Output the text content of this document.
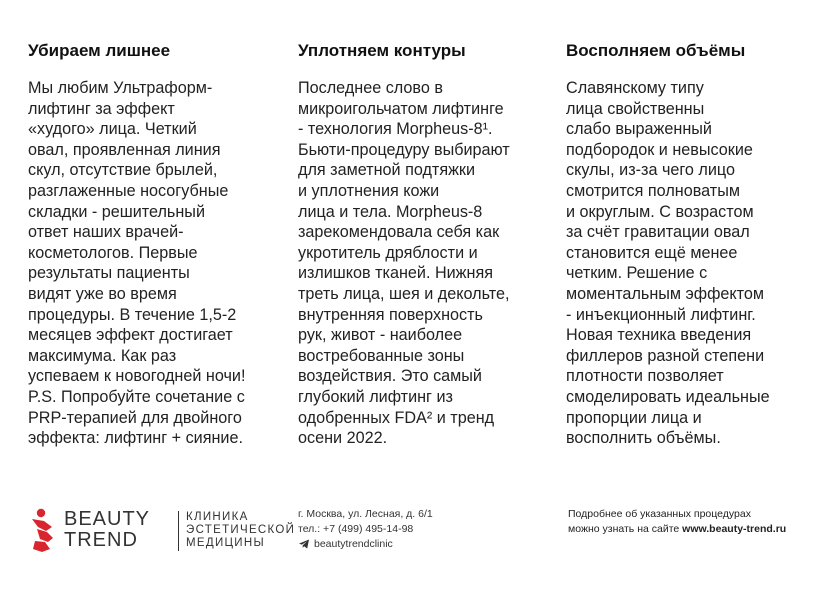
Убираем лишнее

Мы любим Ультраформ-
лифтинг за эффект
«худого» лица. Четкий
овал, проявленная линия
скул, отсутствие брылей,
разглаженные носогубные
складки - решительный
ответ наших врачей-
косметологов. Первые
результаты пациенты
видят уже во время
процедуры. В течение 1,5-2
месяцев эффект достигает
максимума. Как раз
успеваем к новогодней ночи!
P.S. Попробуйте сочетание с
PRP-терапией для двойного
эффекта: лифтинг + сияние.

Уплотняем контуры

Последнее слово в
микроигольчатом лифтинге
- технология Morpheus-8¹.
Бьюти-процедуру выбирают
для заметной подтяжки
и уплотнения кожи
лица и тела. Morpheus-8
зарекомендовала себя как
укротитель дряблости и
излишков тканей. Нижняя
треть лица, шея и декольте,
внутренняя поверхность
рук, живот - наиболее
востребованные зоны
воздействия. Это самый
глубокий лифтинг из
одобренных FDA² и тренд
осени 2022.

Восполняем объёмы

Славянскому типу
лица свойственны
слабо выраженный
подбородок и невысокие
скулы, из-за чего лицо
смотрится полноватым
и округлым. С возрастом
за счёт гравитации овал
становится ещё менее
четким. Решение с
моментальным эффектом
- инъекционный лифтинг.
Новая техника введения
филлеров разной степени
плотности позволяет
смоделировать идеальные
пропорции лица и
восполнить объёмы.

BEAUTY
TREND
КЛИНИКА
ЭСТЕТИЧЕСКОЙ
МЕДИЦИНЫ
г. Москва, ул. Лесная, д. 6/1
тел.: +7 (499) 495-14-98
beautytrendclinic
Подробнее об указанных процедурах
можно узнать на сайте www.beauty-trend.ru
